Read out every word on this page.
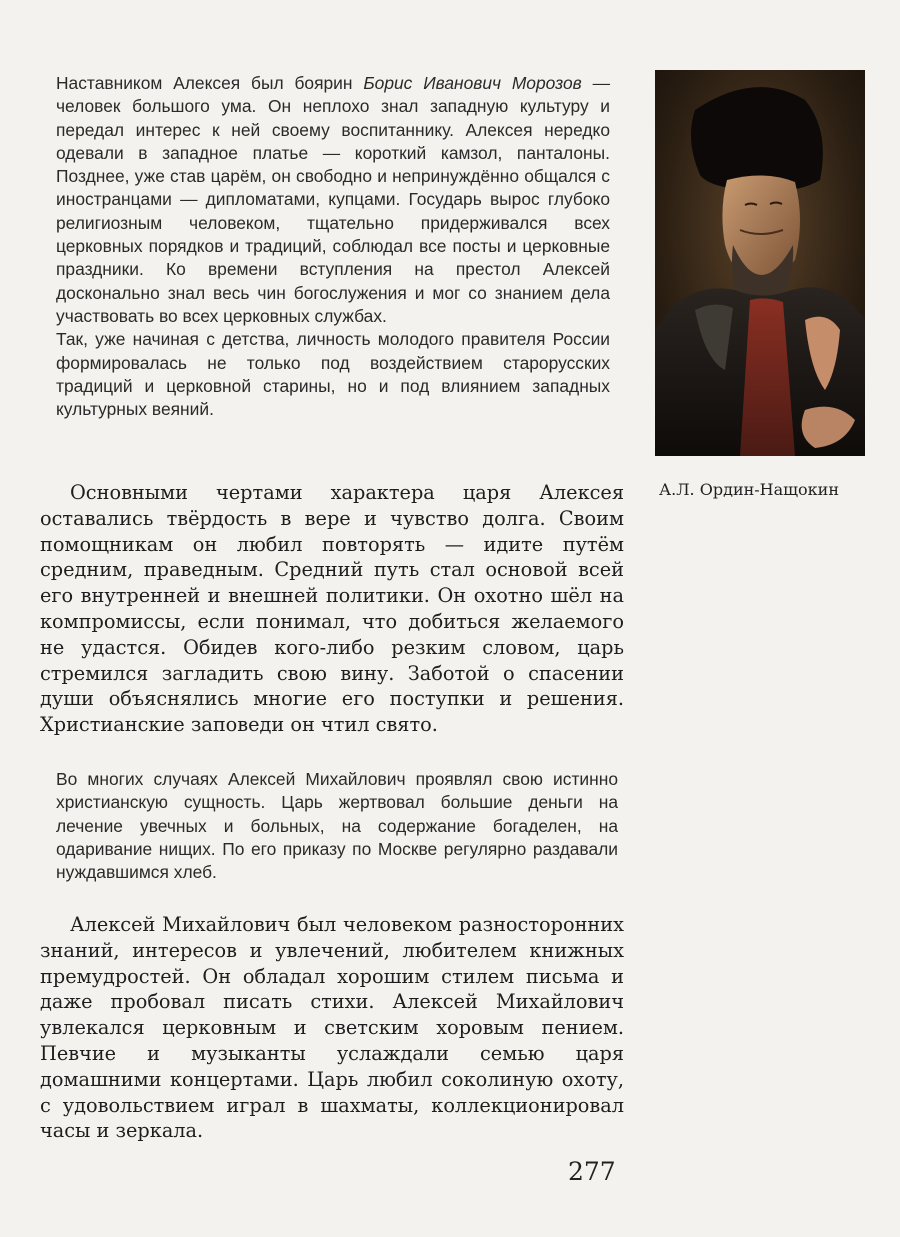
Наставником Алексея был боярин Борис Иванович Морозов — человек большого ума. Он неплохо знал западную культуру и передал интерес к ней своему воспитаннику. Алексея нередко одевали в западное платье — короткий камзол, панталоны. Позднее, уже став царём, он свободно и непринуждённо общался с иностранцами — дипломатами, купцами. Государь вырос глубоко религиозным человеком, тщательно придерживался всех церковных порядков и традиций, соблюдал все посты и церковные праздники. Ко времени вступления на престол Алексей досконально знал весь чин богослужения и мог со знанием дела участвовать во всех церковных службах.

Так, уже начиная с детства, личность молодого правителя России формировалась не только под воздействием старорусских традиций и церковной старины, но и под влиянием западных культурных веяний.

А.Л. Ордин-Нащокин

Основными чертами характера царя Алексея оставались твёрдость в вере и чувство долга. Своим помощникам он любил повторять — идите путём средним, праведным. Средний путь стал основой всей его внутренней и внешней политики. Он охотно шёл на компромиссы, если понимал, что добиться желаемого не удастся. Обидев кого-либо резким словом, царь стремился загладить свою вину. Заботой о спасении души объяснялись многие его поступки и решения. Христианские заповеди он чтил свято.

Во многих случаях Алексей Михайлович проявлял свою истинно христианскую сущность. Царь жертвовал большие деньги на лечение увечных и больных, на содержание богаделен, на одаривание нищих. По его приказу по Москве регулярно раздавали нуждавшимся хлеб.

Алексей Михайлович был человеком разносторонних знаний, интересов и увлечений, любителем книжных премудростей. Он обладал хорошим стилем письма и даже пробовал писать стихи. Алексей Михайлович увлекался церковным и светским хоровым пением. Певчие и музыканты услаждали семью царя домашними концертами. Царь любил соколиную охоту, с удовольствием играл в шахматы, коллекционировал часы и зеркала.

277
